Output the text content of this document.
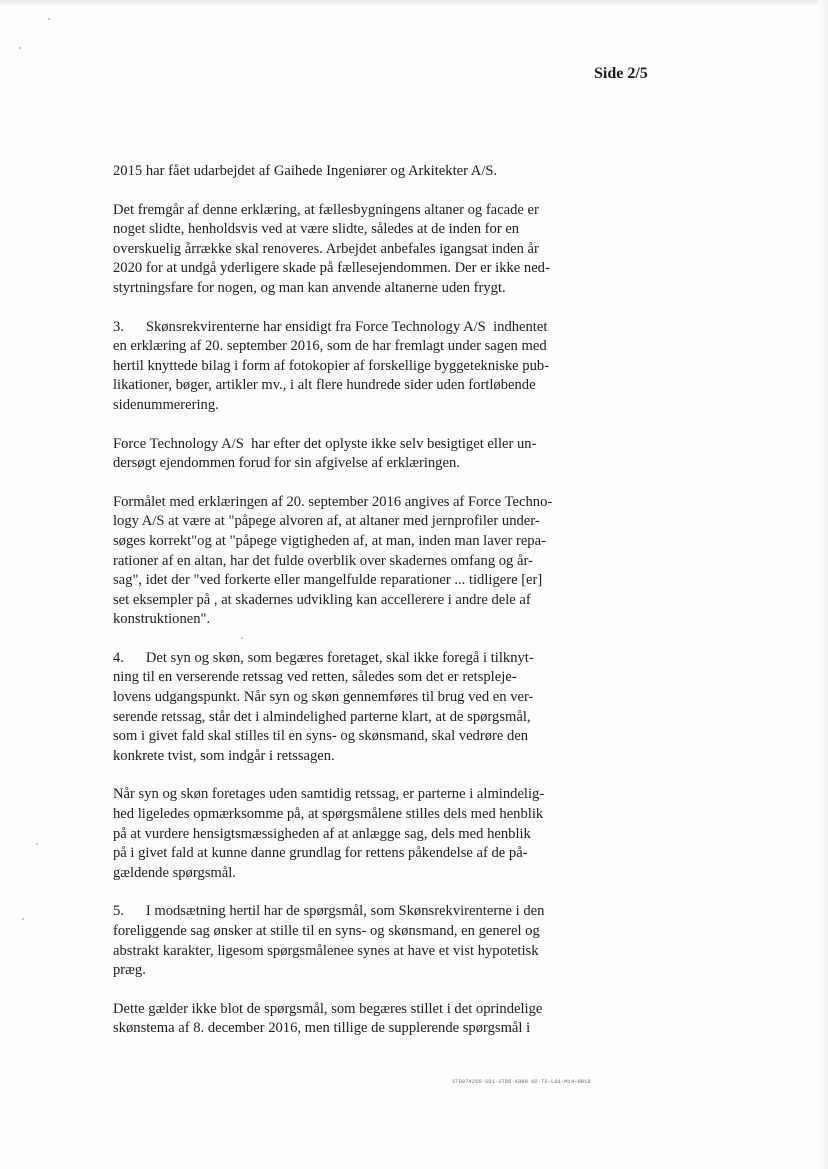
Side 2/5

2015 har fået udarbejdet af Gaihede Ingeniører og Arkitekter A/S.

Det fremgår af denne erklæring, at fællesbygningens altaner og facade er

noget slidte, henholdsvis ved at være slidte, således at de inden for en

overskuelig årrække skal renoveres. Arbejdet anbefales igangsat inden år

2020 for at undgå yderligere skade på fællesejendommen. Der er ikke ned-

styrtningsfare for nogen, og man kan anvende altanerne uden frygt.

3.      Skønsrekvirenterne har ensidigt fra Force Technology A/S  indhentet

en erklæring af 20. september 2016, som de har fremlagt under sagen med

hertil knyttede bilag i form af fotokopier af forskellige byggetekniske pub-

likationer, bøger, artikler mv., i alt flere hundrede sider uden fortløbende

sidenummerering.

Force Technology A/S  har efter det oplyste ikke selv besigtiget eller un-

dersøgt ejendommen forud for sin afgivelse af erklæringen.

Formålet med erklæringen af 20. september 2016 angives af Force Techno-

logy A/S at være at "påpege alvoren af, at altaner med jernprofiler under-

søges korrekt"og at "påpege vigtigheden af, at man, inden man laver repa-

rationer af en altan, har det fulde overblik over skadernes omfang og år-

sag", idet der "ved forkerte eller mangelfulde reparationer ... tidligere [er]

set eksempler på , at skadernes udvikling kan accellerere i andre dele af

konstruktionen".

4.      Det syn og skøn, som begæres foretaget, skal ikke foregå i tilknyt-

ning til en verserende retssag ved retten, således som det er retspleje-

lovens udgangspunkt. Når syn og skøn gennemføres til brug ved en ver-

serende retssag, står det i almindelighed parterne klart, at de spørgsmål,

som i givet fald skal stilles til en syns- og skønsmand, skal vedrøre den

konkrete tvist, som indgår i retssagen.

Når syn og skøn foretages uden samtidig retssag, er parterne i almindelig-

hed ligeledes opmærksomme på, at spørgsmålene stilles dels med henblik

på at vurdere hensigtsmæssigheden af at anlægge sag, dels med henblik

på i givet fald at kunne danne grundlag for rettens påkendelse af de på-

gældende spørgsmål.

5.      I modsætning hertil har de spørgsmål, som Skønsrekvirenterne i den

foreliggende sag ønsker at stille til en syns- og skønsmand, en generel og

abstrakt karakter, ligesom spørgsmålenee synes at have et vist hypotetisk

præg.

Dette gælder ikke blot de spørgsmål, som begæres stillet i det oprindelige

skønstema af 8. december 2016, men tillige de supplerende spørgsmål i

STD074256-S01-ST05-K899 02-T2-L01-M14-9R10
